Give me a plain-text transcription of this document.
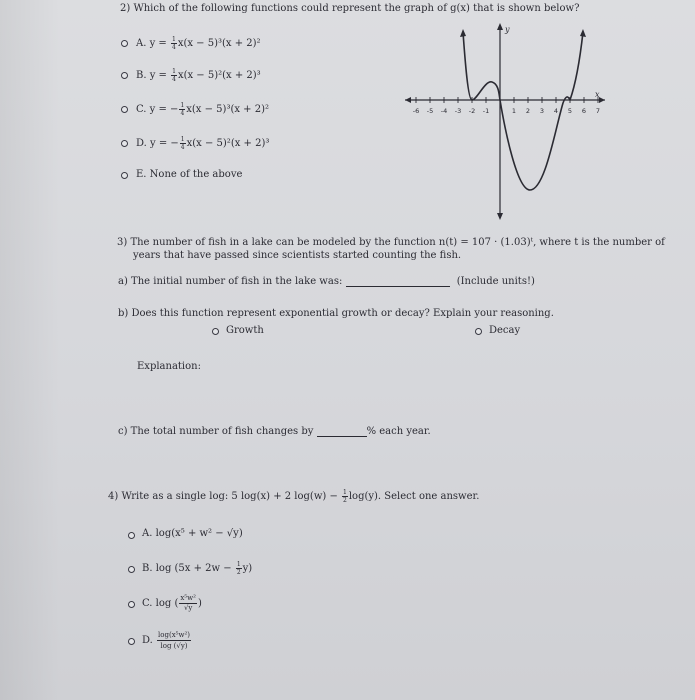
2) Which of the following functions could represent the graph of g(x) that is shown below?
A. $y = \frac{1}{4} x(x - 5)^3(x + 2)^2$
B. $y = \frac{1}{4} x(x - 5)^2(x + 2)^3$
C. y = − $\frac{1}{4} x(x - 5)^3(x + 2)^2$
D. y = − $\frac{1}{4} x(x - 5)^2(x + 2)^3$
E. None of the above
y
x
-6 -5 -4 -3 -2 -1	1 2 3 4 5 6 7
3) The number of fish in a lake can be modeled by the function n(t) = 107 · (1.03)ᵗ, where t is the number of
years that have passed since scientists started counting the fish.
a) The initial number of fish in the lake was:	(Include units!)
b) Does this function represent exponential growth or decay? Explain your reasoning.
Growth	Decay
Explanation:
c) The total number of fish changes by	% each year.
4) Write as a single log: 5 log(x) + 2 $\log(w) - \frac{1}{2} \log(y)$. Select one answer.
A. log(x⁵ + w² − √y)
B. $\log (5x + 2w - \frac{1}{2} y)$
C. log ( $\frac{\text{x⁵w²}}{√y}$ )
D. $\frac{\text{log(x⁵w²)}}{\log (√y)}$
